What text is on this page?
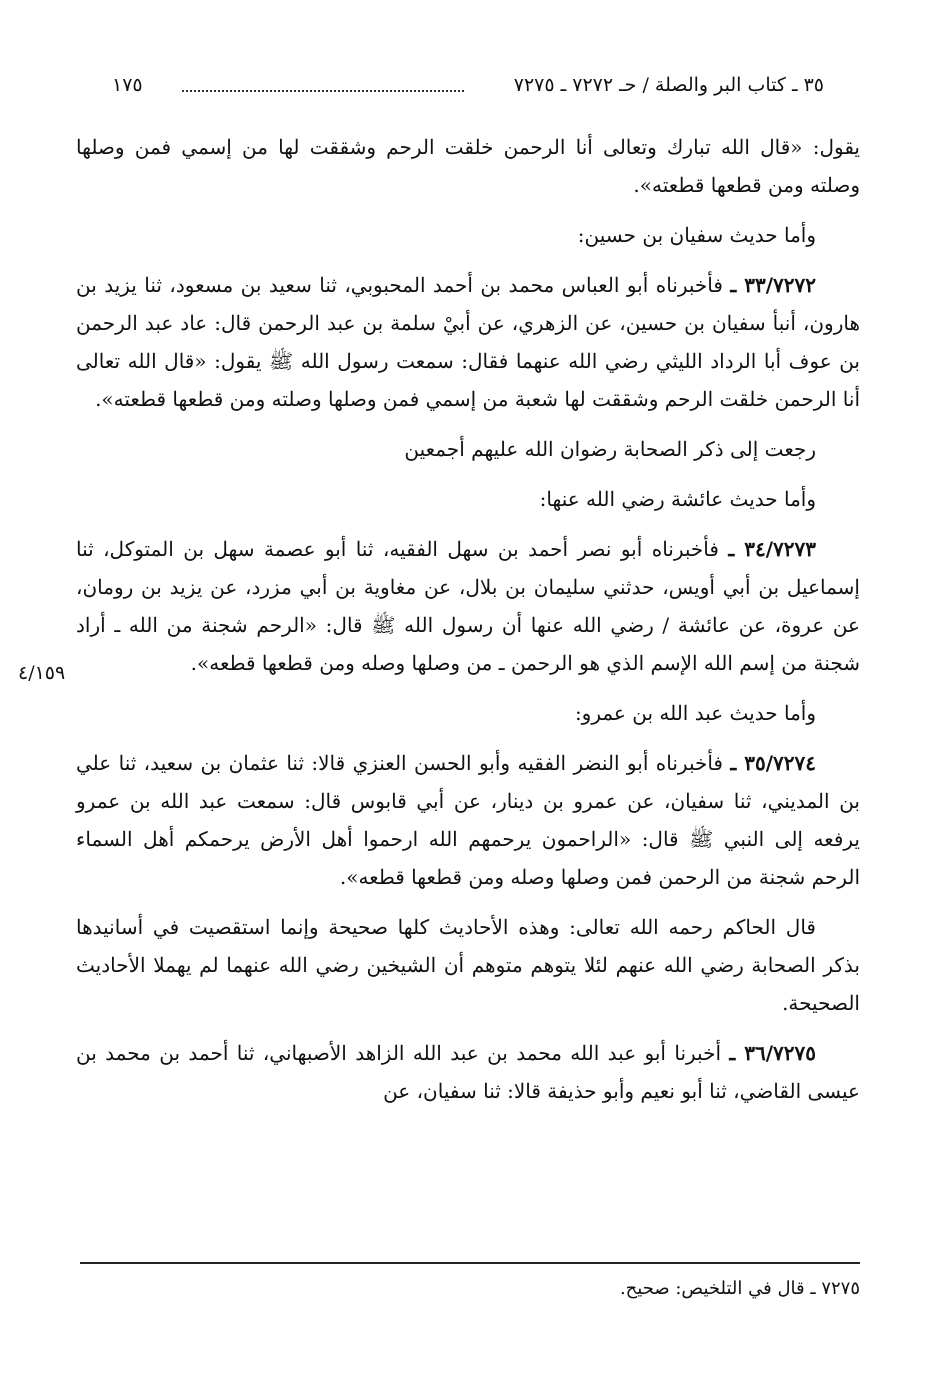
٣٥ ـ كتاب البر والصلة / حـ ٧٢٧٢ ـ ٧٢٧٥
١٧٥

يقول: «قال الله تبارك وتعالى أنا الرحمن خلقت الرحم وشققت لها من إسمي فمن وصلها وصلته ومن قطعها قطعته».

وأما حديث سفيان بن حسين:

٣٣/٧٢٧٢ ـ فأخبرناه أبو العباس محمد بن أحمد المحبوبي، ثنا سعيد بن مسعود، ثنا يزيد بن هارون، أنبأ سفيان بن حسين، عن الزهري، عن أبيْ سلمة بن عبد الرحمن قال: عاد عبد الرحمن بن عوف أبا الرداد الليثي رضي الله عنهما فقال: سمعت رسول الله ﷺ يقول: «قال الله تعالى أنا الرحمن خلقت الرحم وشققت لها شعبة من إسمي فمن وصلها وصلته ومن قطعها قطعته».

رجعت إلى ذكر الصحابة رضوان الله عليهم أجمعين

وأما حديث عائشة رضي الله عنها:

٣٤/٧٢٧٣ ـ فأخبرناه أبو نصر أحمد بن سهل الفقيه، ثنا أبو عصمة سهل بن المتوكل، ثنا إسماعيل بن أبي أويس، حدثني سليمان بن بلال، عن مغاوية بن أبي مزرد، عن يزيد بن رومان، عن عروة، عن عائشة / رضي الله عنها أن رسول الله ﷺ قال: «الرحم شجنة من الله ـ أراد شجنة من إسم الله الإسم الذي هو الرحمن ـ من وصلها وصله ومن قطعها قطعه».

وأما حديث عبد الله بن عمرو:

٣٥/٧٢٧٤ ـ فأخبرناه أبو النضر الفقيه وأبو الحسن العنزي قالا: ثنا عثمان بن سعيد، ثنا علي بن المديني، ثنا سفيان، عن عمرو بن دينار، عن أبي قابوس قال: سمعت عبد الله بن عمرو يرفعه إلى النبي ﷺ قال: «الراحمون يرحمهم الله ارحموا أهل الأرض يرحمكم أهل السماء الرحم شجنة من الرحمن فمن وصلها وصله ومن قطعها قطعه».

قال الحاكم رحمه الله تعالى: وهذه الأحاديث كلها صحيحة وإنما استقصيت في أسانيدها بذكر الصحابة رضي الله عنهم لئلا يتوهم متوهم أن الشيخين رضي الله عنهما لم يهملا الأحاديث الصحيحة.

٣٦/٧٢٧٥ ـ أخبرنا أبو عبد الله محمد بن عبد الله الزاهد الأصبهاني، ثنا أحمد بن محمد بن عيسى القاضي، ثنا أبو نعيم وأبو حذيفة قالا: ثنا سفيان، عن

٤/١٥٩
٧٢٧٥ ـ قال في التلخيص: صحيح.
